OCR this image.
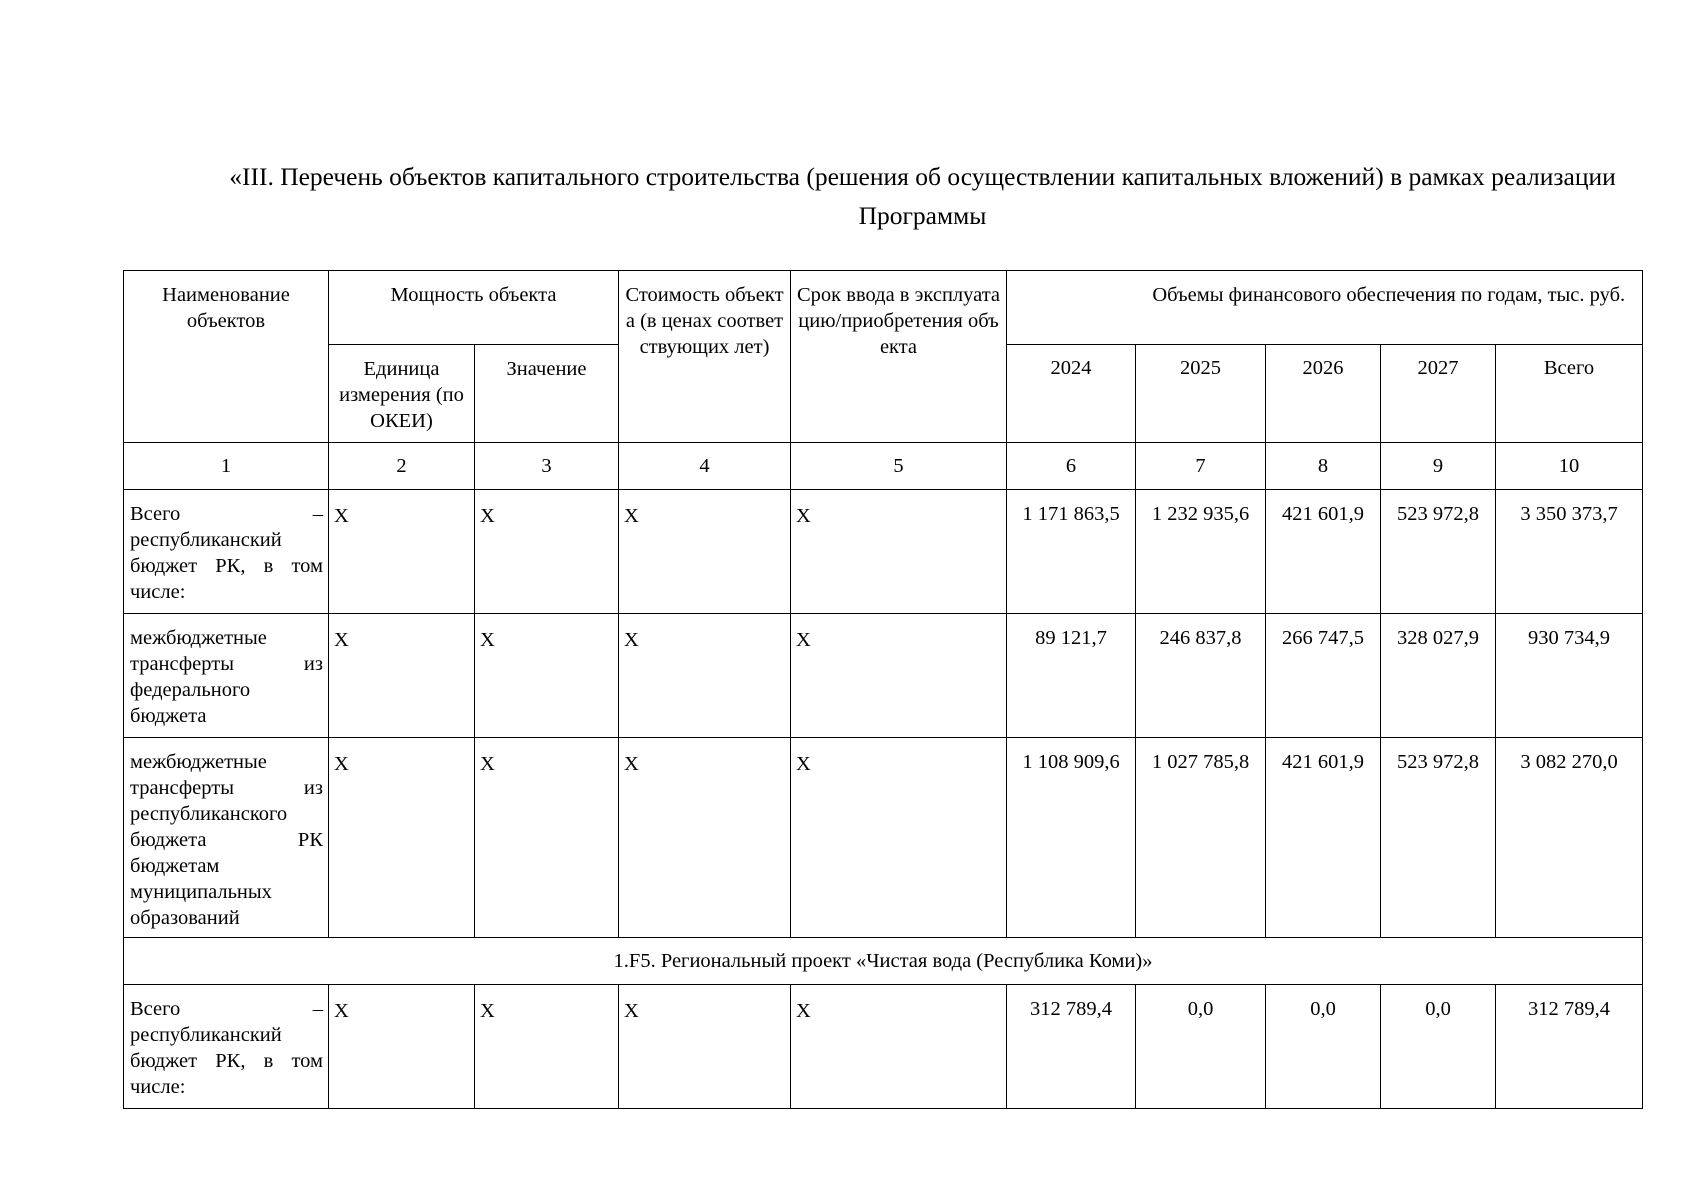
«III. Перечень объектов капитального строительства (решения об осуществлении капитальных вложений) в рамках реализации Программы
Наименование объектов	Мощность объекта		Стоимость объекта (в ценах соответствующих лет)	Срок ввода в эксплуатацию/приобретения объекта		Объемы финансового обеспечения по годам, тыс. руб.			
	Единица измерения (по ОКЕИ)	Значение			2024	2025	2026	2027	Всего
1	2	3	4	5	6	7	8	9	10

Всего – республиканский бюджет РК, в том числе:	X	X	X	X	1 171 863,5	1 232 935,6	421 601,9	523 972,8	3 350 373,7

межбюджетные трансферты из федерального бюджета	X	X	X	X	89 121,7	246 837,8	266 747,5	328 027,9	930 734,9

межбюджетные трансферты из республиканского бюджета РК бюджетам муниципальных образований	X	X	X	X	1 108 909,6	1 027 785,8	421 601,9	523 972,8	3 082 270,0
1.F5. Региональный проект «Чистая вода (Республика Коми)»									

Всего – республиканский бюджет РК, в том числе:	X	X	X	X	312 789,4	0,0	0,0	0,0	312 789,4
